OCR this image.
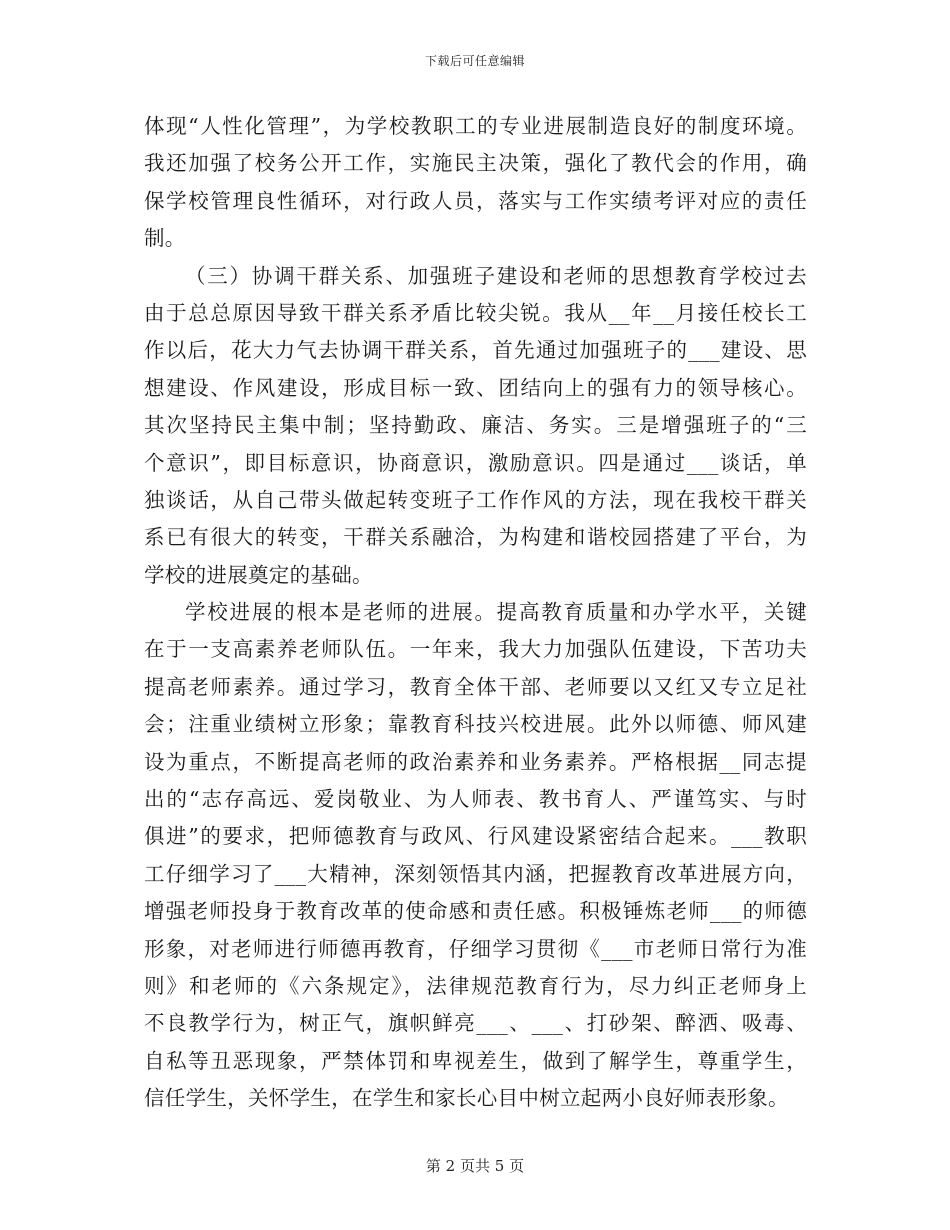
下载后可任意编辑
体现“人性化管理”，为学校教职工的专业进展制造良好的制度环境。
我还加强了校务公开工作，实施民主决策，强化了教代会的作用，确
保学校管理良性循环，对行政人员，落实与工作实绩考评对应的责任
制。
（三）协调干群关系、加强班子建设和老师的思想教育学校过去
由于总总原因导致干群关系矛盾比较尖锐。我从__年__月接任校长工
作以后，花大力气去协调干群关系，首先通过加强班子的___建设、思
想建设、作风建设，形成目标一致、团结向上的强有力的领导核心。
其次坚持民主集中制；坚持勤政、廉洁、务实。三是增强班子的“三
个意识”，即目标意识，协商意识，激励意识。四是通过___谈话，单
独谈话，从自己带头做起转变班子工作作风的方法，现在我校干群关
系已有很大的转变，干群关系融洽，为构建和谐校园搭建了平台，为
学校的进展奠定的基础。
学校进展的根本是老师的进展。提高教育质量和办学水平，关键
在于一支高素养老师队伍。一年来，我大力加强队伍建设，下苦功夫
提高老师素养。通过学习，教育全体干部、老师要以又红又专立足社
会；注重业绩树立形象；靠教育科技兴校进展。此外以师德、师风建
设为重点，不断提高老师的政治素养和业务素养。严格根据__同志提
出的“志存高远、爱岗敬业、为人师表、教书育人、严谨笃实、与时
俱进”的要求，把师德教育与政风、行风建设紧密结合起来。___教职
工仔细学习了___大精神，深刻领悟其内涵，把握教育改革进展方向，
增强老师投身于教育改革的使命感和责任感。积极锤炼老师___的师德
形象，对老师进行师德再教育，仔细学习贯彻《___市老师日常行为准
则》和老师的《六条规定》，法律规范教育行为，尽力纠正老师身上
不良教学行为，树正气，旗帜鲜亮___、___、打砂架、醉洒、吸毒、
自私等丑恶现象，严禁体罚和卑视差生，做到了解学生，尊重学生，
信任学生，关怀学生，在学生和家长心目中树立起两小良好师表形象。
第 2 页共 5 页
